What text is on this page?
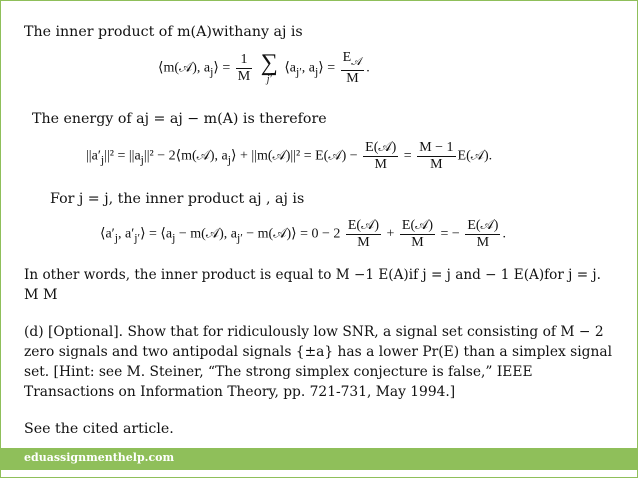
The inner product of m(A)withany aj is
⟨m(𝒜), $a_j⟩ = \frac{1}{M}$
∑
j′
$⟨a_{j'}$, $a_j⟩ = \frac{E_𝒜}{M}$ .
The energy of aj = aj − m(A) is therefore
$||a'_j||^2 = ||a_j||^2$ − 2⟨m(𝒜), $a_j⟩$ + ||m(𝒜)||² = E(𝒜) − $\frac{\text{E(𝒜)}}{M} = \frac{M - 1}{M}$ E(𝒜).
For j = j, the inner product aj , aj is
$⟨a'_j$, $a'_{j'}⟩$ = $⟨a_j$ − m(𝒜), $a_{j'}$ − m(𝒜)⟩ = $0 - 2 \frac{\text{E(𝒜)}}{M} + \frac{\text{E(𝒜)}}{M}$ = − $\frac{\text{E(𝒜)}}{M}$ .
In other words, the inner product is equal to M −1 E(A)if j = j and − 1 E(A)for j = j.
M M
(d) [Optional]. Show that for ridiculously low SNR, a signal set consisting of M − 2 zero signals and two antipodal signals {±a} has a lower Pr(E) than a simplex signal set. [Hint: see M. Steiner, “The strong simplex conjecture is false,” IEEE Transactions on Information Theory, pp. 721-731, May 1994.]
See the cited article.
eduassignmenthelp.com
